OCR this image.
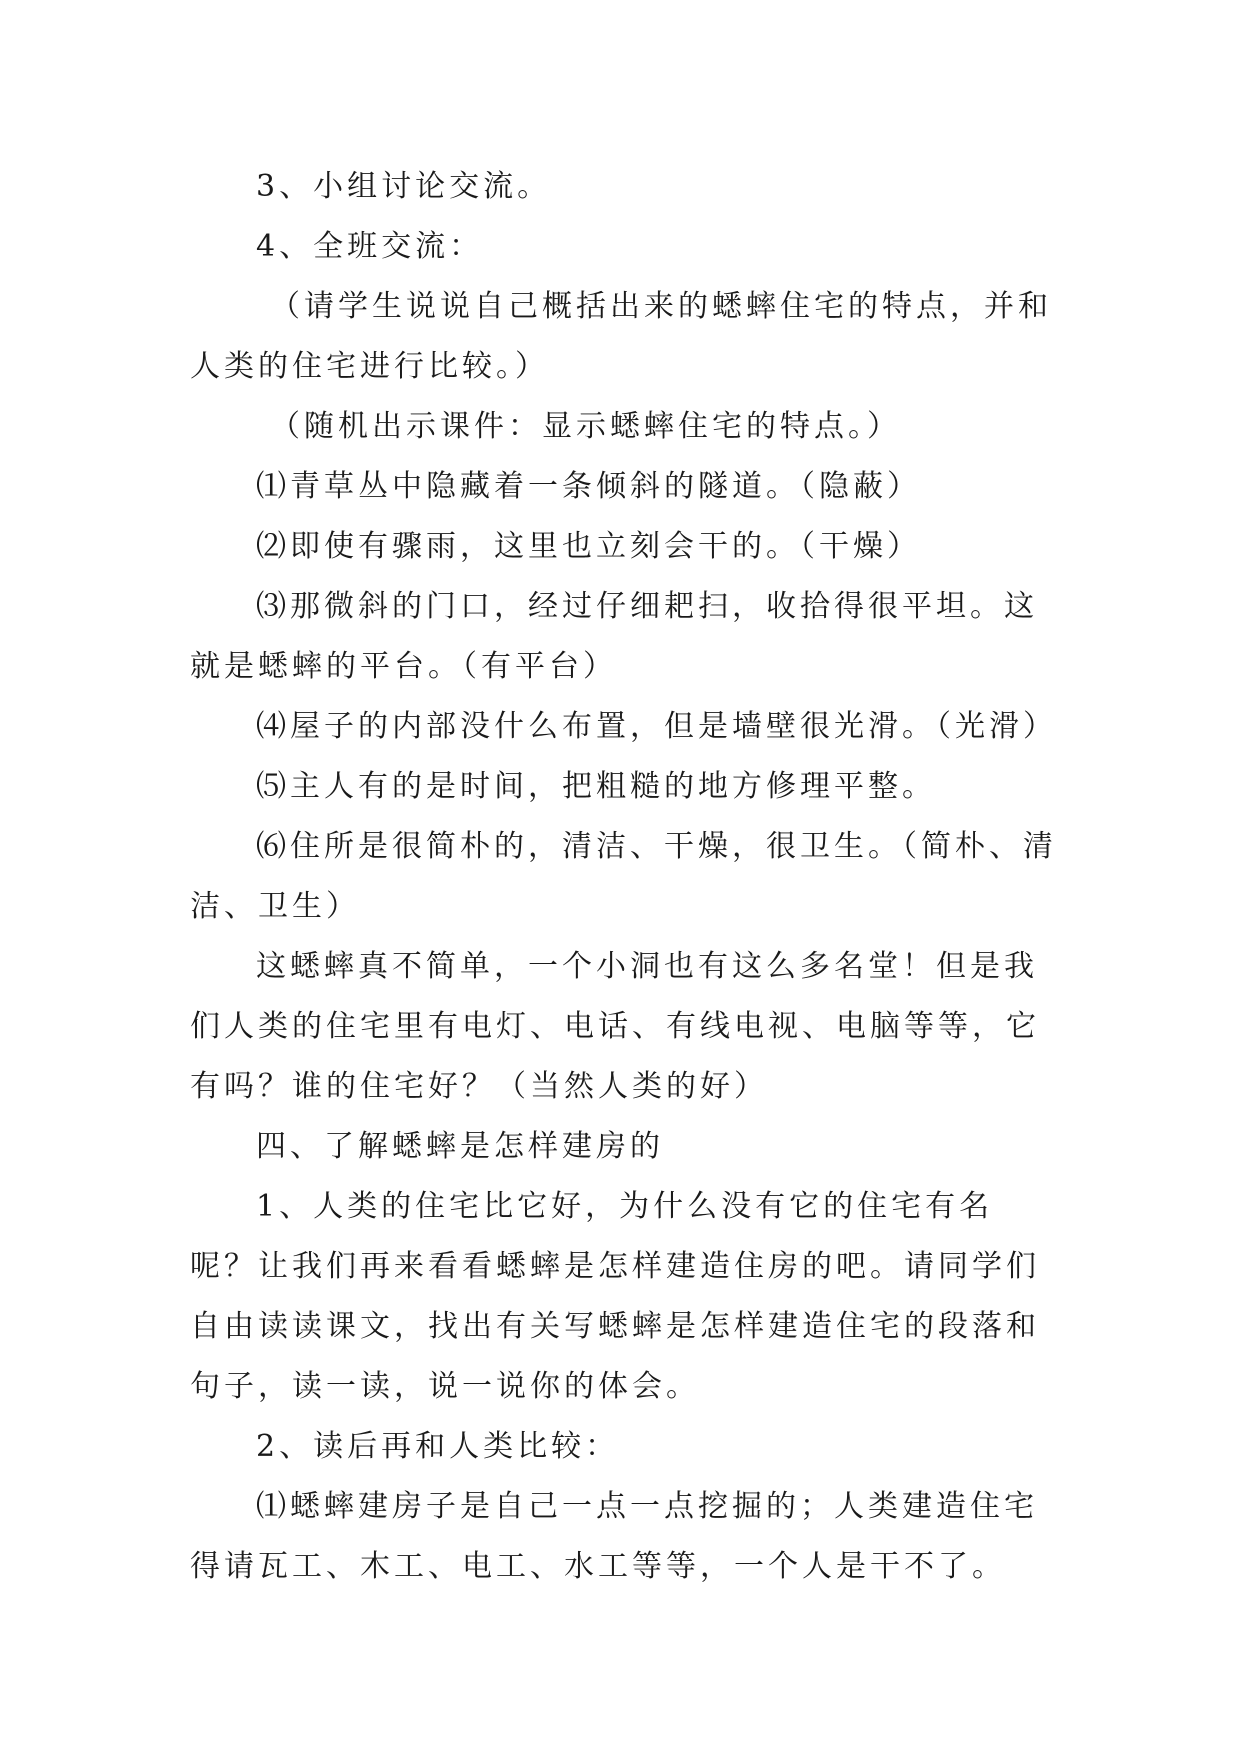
3、小组讨论交流。

4、全班交流：

（请学生说说自己概括出来的蟋蟀住宅的特点，并和人类的住宅进行比较。）

（随机出示课件：显示蟋蟀住宅的特点。）

⑴青草丛中隐藏着一条倾斜的隧道。（隐蔽）

⑵即使有骤雨，这里也立刻会干的。（干燥）

⑶那微斜的门口，经过仔细耙扫，收拾得很平坦。这就是蟋蟀的平台。（有平台）

⑷屋子的内部没什么布置，但是墙壁很光滑。（光滑）

⑸主人有的是时间，把粗糙的地方修理平整。

⑹住所是很简朴的，清洁、干燥，很卫生。（简朴、清洁、卫生）

这蟋蟀真不简单，一个小洞也有这么多名堂！但是我们人类的住宅里有电灯、电话、有线电视、电脑等等，它有吗？谁的住宅好？（当然人类的好）

四、了解蟋蟀是怎样建房的

1、人类的住宅比它好，为什么没有它的住宅有名呢？让我们再来看看蟋蟀是怎样建造住房的吧。请同学们自由读读课文，找出有关写蟋蟀是怎样建造住宅的段落和句子，读一读，说一说你的体会。

2、读后再和人类比较：

⑴蟋蟀建房子是自己一点一点挖掘的；人类建造住宅得请瓦工、木工、电工、水工等等，一个人是干不了。
